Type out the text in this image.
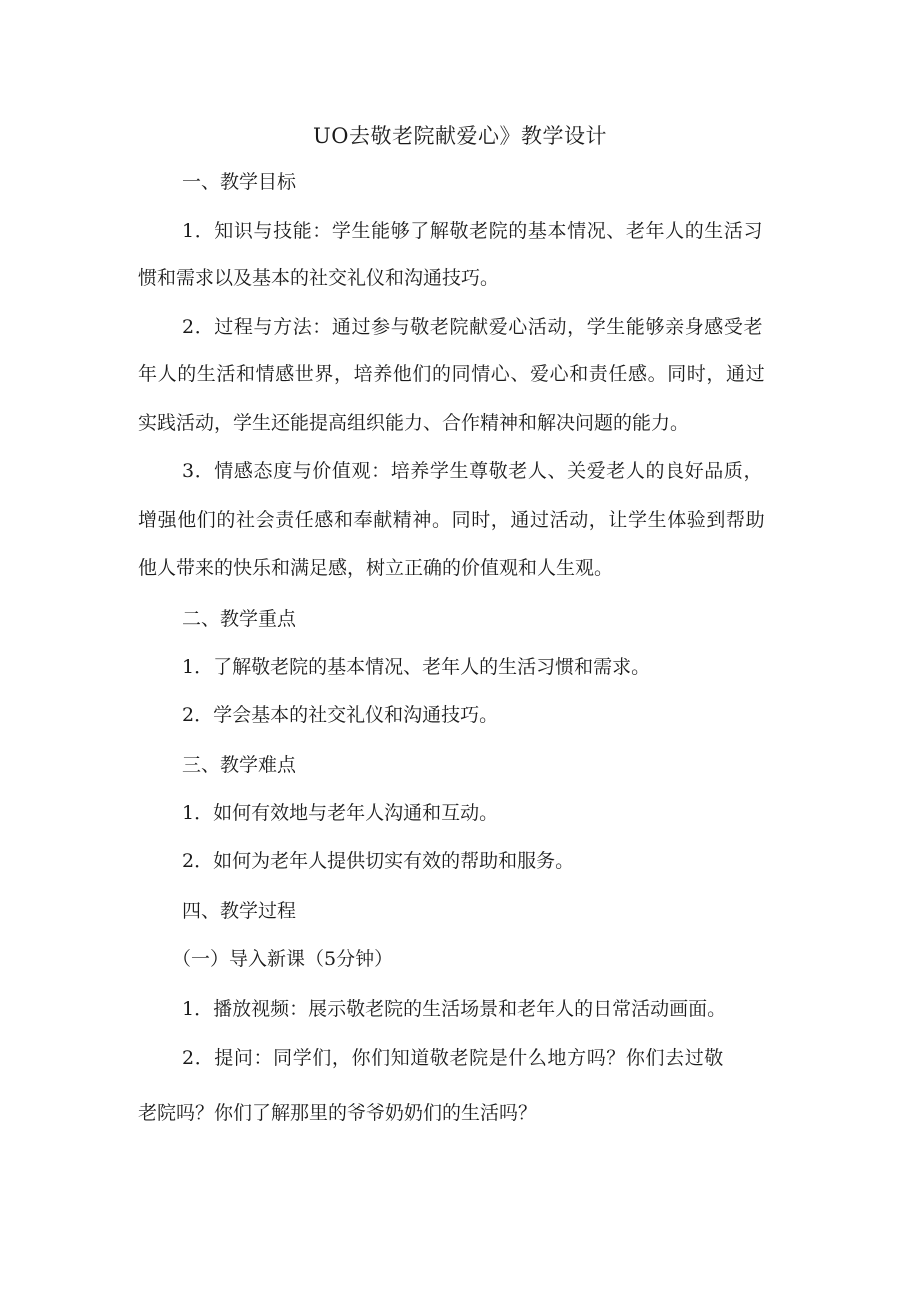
UO去敬老院献爱心》教学设计
一、教学目标
1．知识与技能：学生能够了解敬老院的基本情况、老年人的生活习
惯和需求以及基本的社交礼仪和沟通技巧。
2．过程与方法：通过参与敬老院献爱心活动，学生能够亲身感受老
年人的生活和情感世界，培养他们的同情心、爱心和责任感。同时，通过
实践活动，学生还能提高组织能力、合作精神和解决问题的能力。
3．情感态度与价值观：培养学生尊敬老人、关爱老人的良好品质，
增强他们的社会责任感和奉献精神。同时，通过活动，让学生体验到帮助
他人带来的快乐和满足感，树立正确的价值观和人生观。
二、教学重点
1．了解敬老院的基本情况、老年人的生活习惯和需求。
2．学会基本的社交礼仪和沟通技巧。
三、教学难点
1．如何有效地与老年人沟通和互动。
2．如何为老年人提供切实有效的帮助和服务。
四、教学过程
（一）导入新课（5分钟）
1．播放视频：展示敬老院的生活场景和老年人的日常活动画面。
2．提问：同学们，你们知道敬老院是什么地方吗？你们去过敬
老院吗？你们了解那里的爷爷奶奶们的生活吗？
